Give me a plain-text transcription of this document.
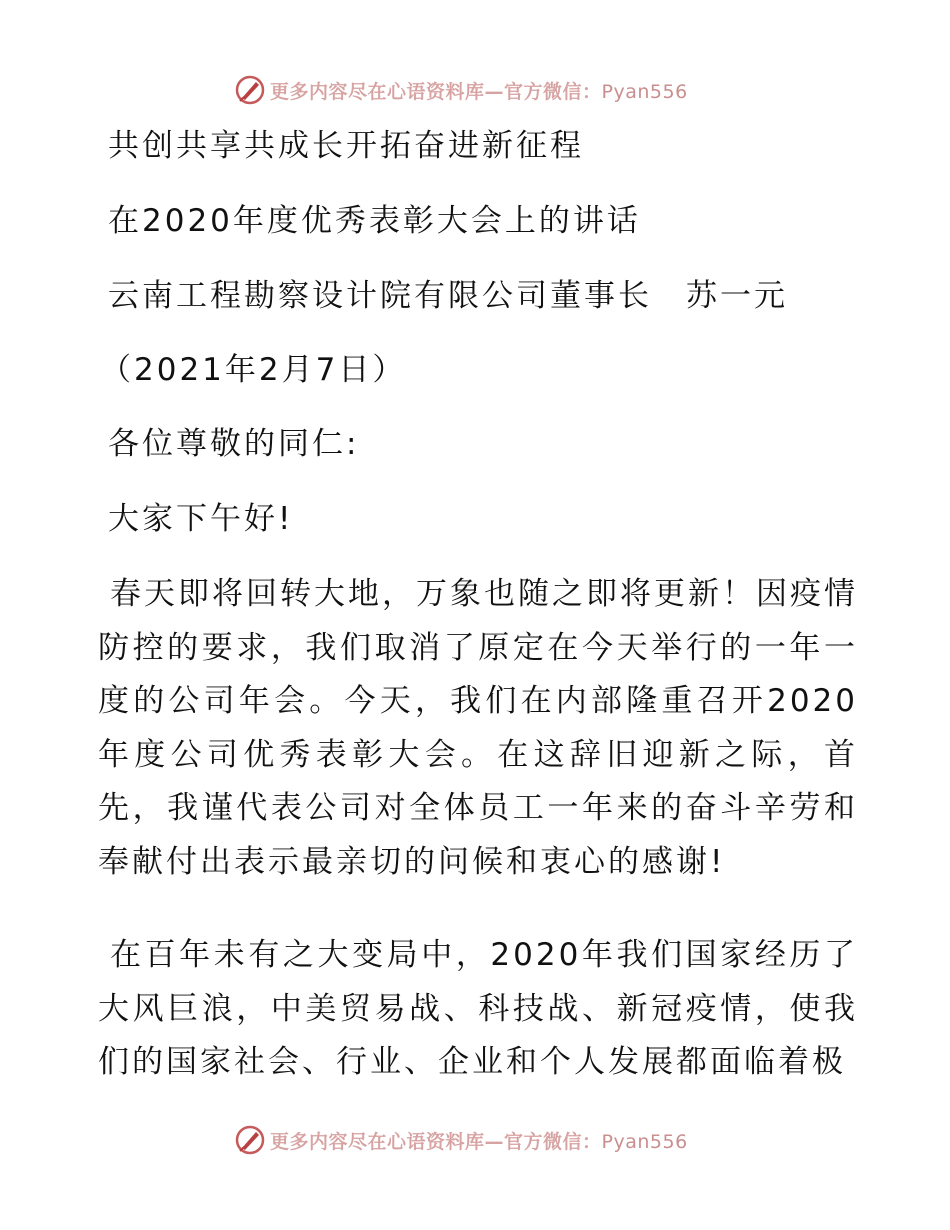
更多内容尽在心语资料库—官方微信：Pyan556
共创共享共成长开拓奋进新征程
在2020年度优秀表彰大会上的讲话
云南工程勘察设计院有限公司董事长　苏一元
（2021年2月7日）
各位尊敬的同仁:
大家下午好!
春天即将回转大地，万象也随之即将更新！因疫情防控的要求，我们取消了原定在今天举行的一年一度的公司年会。今天，我们在内部隆重召开2020年度公司优秀表彰大会。在这辞旧迎新之际，首先，我谨代表公司对全体员工一年来的奋斗辛劳和奉献付出表示最亲切的问候和衷心的感谢!
在百年未有之大变局中，2020年我们国家经历了大风巨浪，中美贸易战、科技战、新冠疫情，使我们的国家社会、行业、企业和个人发展都面临着极
更多内容尽在心语资料库—官方微信：Pyan556
